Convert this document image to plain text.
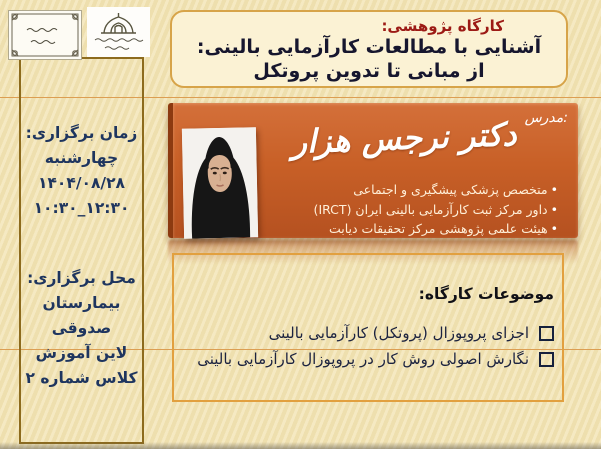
کارگاه پژوهشی:
آشنایی با مطالعات کارآزمایی بالینی:
از مبانی تا تدوین پروتکل
زمان برگزاری:
چهارشنبه
۱۴۰۴/۰۸/۲۸
۱۰:۳۰_۱۲:۳۰
محل برگزاری:
بیمارستان صدوقی
لاین آموزش
کلاس شماره ۲
مدرس:
دکتر نرجس هزار
•متخصص پزشکی پیشگیری و اجتماعی
•داور مرکز ثبت کارآزمایی بالینی ایران (IRCT)
•هیئت علمی پژوهشی مرکز تحقیقات دیابت
موضوعات کارگاه:
اجزای پروپوزال (پروتکل) کارآزمایی بالینی
نگارش اصولی روش کار در پروپوزال کارآزمایی بالینی
